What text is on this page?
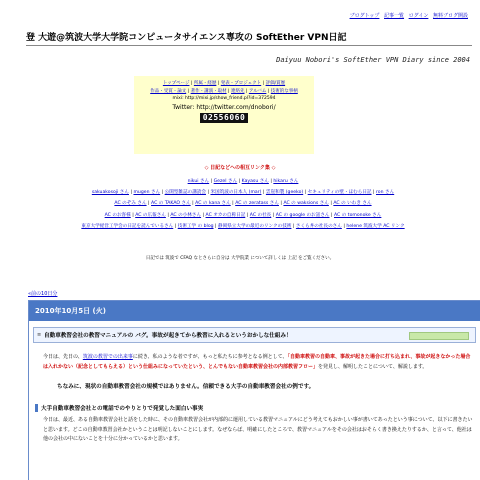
ブログトップ 記事一覧 ログイン 無料ブログ開設
登 大遊@筑波大学大学院コンピュータサイエンス専攻の SoftEther VPN日記
Daiyuu Nobori's SoftEther VPN Diary since 2004
トップページ | 所属・経歴 | 発表・プロジェクト | 評価/賞歴
作品・受賞・論文 | 著作・講演・取材 | 連絡先 | アルバム | 技術的な事柄
mixi: http://mixi.jp/show_friend.pl?id=372594
Twitter: http://twitter.com/dnobori/
02556060
◇ 日記などへの相互リンク集 ◇
nikui さん | Gezel さん | Kayasu さん | hikaru さん
sakuakosoji さん | mugen さん | 公開型雑誌の講読会 | 米国筑波の日本人 (mar) | 雲崖和製 (geeko) | セキュリティの壁・ほむら日記 | ron さん
AC のぞみ さん | AC の TAKAO さん | AC の kana さん | AC の zeratass さん | AC の waksions さん | AC の いわき さん
AC のお客様 | AC の広報さん | AC の小林さん | AC オカの自称日記 | AC の社長 | AC の google のお話さん | AC の tomonoke さん
東京大学経営工学会の日記を読んでいるさん | 技術工学 の blog | 静岡県立大学の最近のリンクの技術 | さくら丼の社長のさん | helene 筑波大学 AC リンク
日記では 筑波で CFAQ なとさらに自分は 大学院業 について詳しくは 上記 をご覧ください。
«前の10日分
2010年10月5日 (火)
≡ 自動車教習会社の教習マニュアルの バグ。事故が起きてから教習に入れるというおかしな仕組み！
今日は、先日の、筑波の教習での出来事に続き、私のような者ですが、もっと私たちに参考となる例として、「自動車教習の自動車、事故が起きた場合に打ち込まれ、事故が起きなかった場合は入れかない（記念としてもらえる）という仕組みになっていたという、とんでもない自動車教習会社の内部教習フロー」を発見し、解明したことについて、解説します。
ちなみに、現状の自動車教習会社の規模ではありません。信頼できる大手の自動車教習会社の例です。
大手自動車教習会社との電話でのやりとりで発覚した面白い事実
今日は、最近、ある自動車教習会社と話をした時に、その自動車教習会社が内部的に運用している教習マニュアルにどう考えてもおかしい事が書いてあったという事について、以下に書きたいと思います。どこの自動車教習会社かということは明記しないことにします。なぜならば、明確にしたところで、教習マニュアルをその会社はおそらく書き換えたりするか、と言って、他社は他の会社の中にないことを十分に分かっているかと思います。
